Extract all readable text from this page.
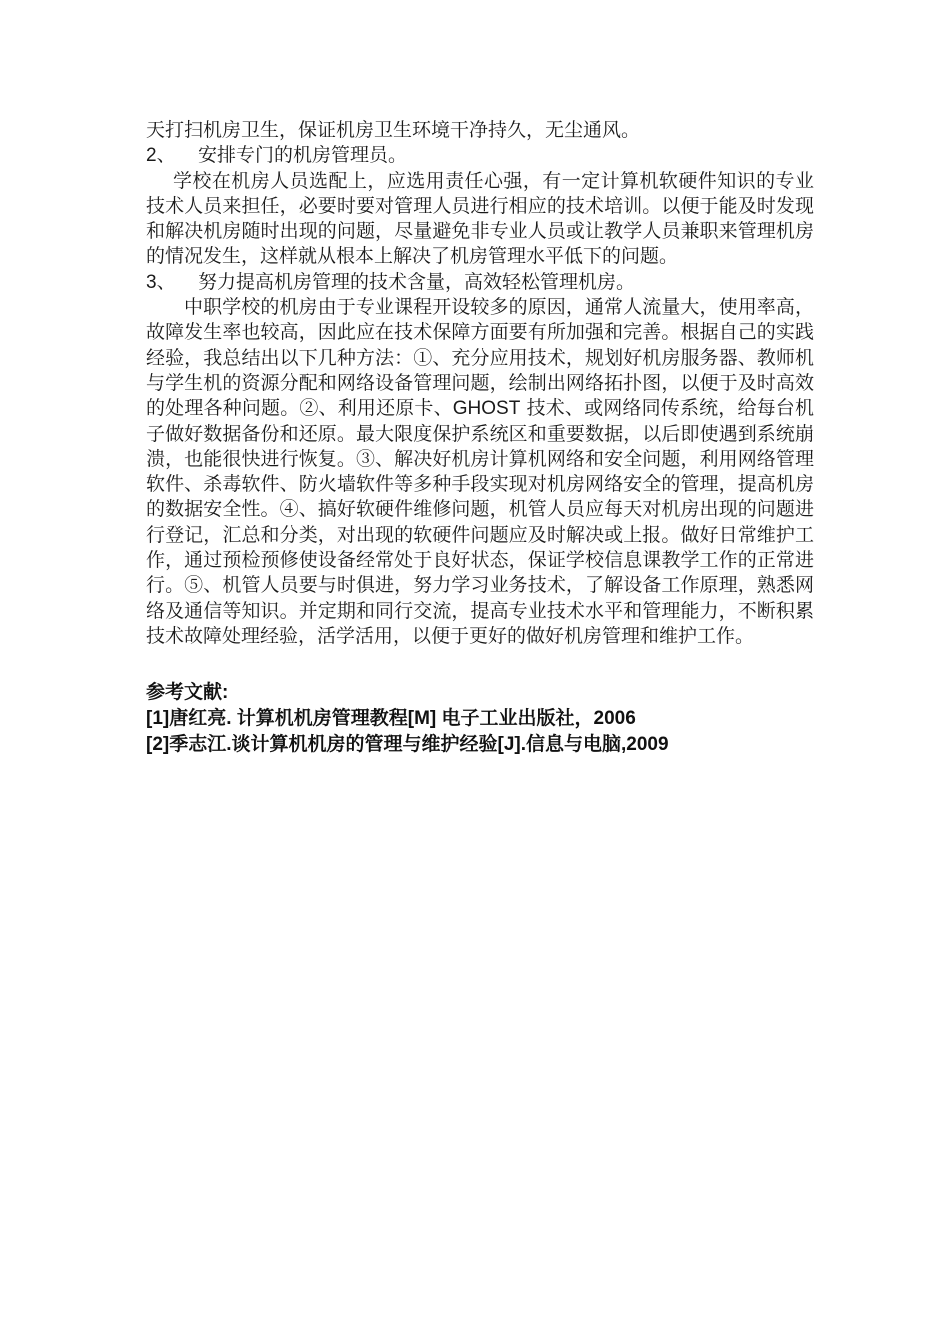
天打扫机房卫生，保证机房卫生环境干净持久，无尘通风。

2、 安排专门的机房管理员。

学校在机房人员选配上，应选用责任心强，有一定计算机软硬件知识的专业技术人员来担任，必要时要对管理人员进行相应的技术培训。以便于能及时发现和解决机房随时出现的问题，尽量避免非专业人员或让教学人员兼职来管理机房的情况发生，这样就从根本上解决了机房管理水平低下的问题。

3、 努力提高机房管理的技术含量，高效轻松管理机房。

中职学校的机房由于专业课程开设较多的原因，通常人流量大，使用率高，故障发生率也较高，因此应在技术保障方面要有所加强和完善。根据自己的实践经验，我总结出以下几种方法：①、充分应用技术，规划好机房服务器、教师机与学生机的资源分配和网络设备管理问题，绘制出网络拓扑图，以便于及时高效的处理各种问题。②、利用还原卡、GHOST 技术、或网络同传系统，给每台机子做好数据备份和还原。最大限度保护系统区和重要数据，以后即使遇到系统崩溃，也能很快进行恢复。③、解决好机房计算机网络和安全问题，利用网络管理软件、杀毒软件、防火墙软件等多种手段实现对机房网络安全的管理，提高机房的数据安全性。④、搞好软硬件维修问题，机管人员应每天对机房出现的问题进行登记，汇总和分类，对出现的软硬件问题应及时解决或上报。做好日常维护工作，通过预检预修使设备经常处于良好状态，保证学校信息课教学工作的正常进行。⑤、机管人员要与时俱进，努力学习业务技术，了解设备工作原理，熟悉网络及通信等知识。并定期和同行交流，提高专业技术水平和管理能力，不断积累技术故障处理经验，活学活用，以便于更好的做好机房管理和维护工作。

参考文献:
[1]唐红亮. 计算机机房管理教程[M] 电子工业出版社，2006
[2]季志江.谈计算机机房的管理与维护经验[J].信息与电脑,2009
